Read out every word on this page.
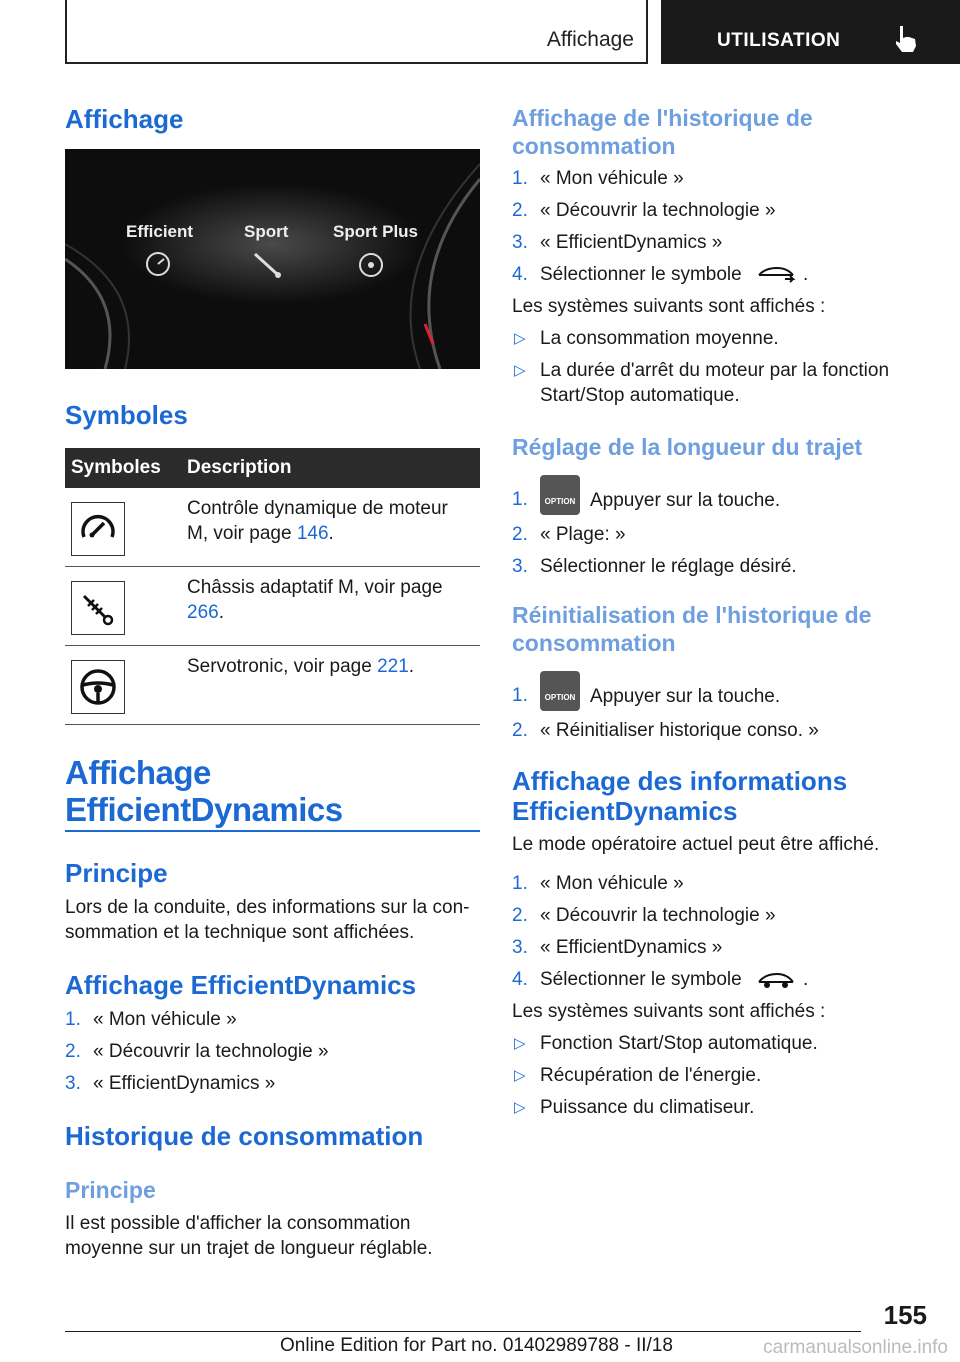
Affichage	UTILISATION
Affichage
Efficient	Sport	Sport Plus
Symboles
Symboles	Description

	Contrôle dynamique de moteur M, voir page 146.

	Châssis adaptatif M, voir page 266.

	Servotronic, voir page 221.
Affichage
EfficientDynamics
Principe

Lors de la conduite, des informations sur la con-sommation et la technique sont affichées.

Affichage EfficientDynamics
1. « Mon véhicule »
2. « Découvrir la technologie »
3. « EfficientDynamics »
Historique de consommation
Principe

Il est possible d'afficher la consommation moyenne sur un trajet de longueur réglable.

Affichage de l'historique de consommation
1. « Mon véhicule »
2. « Découvrir la technologie »
3. « EfficientDynamics »
4. Sélectionner le symbole	.

Les systèmes suivants sont affichés :

▷ La consommation moyenne.
▷ La durée d'arrêt du moteur par la fonction Start/Stop automatique.
Réglage de la longueur du trajet
1.	OPTION Appuyer sur la touche.
2. « Plage: »
3. Sélectionner le réglage désiré.
Réinitialisation de l'historique de consommation
1.	OPTION Appuyer sur la touche.
2. « Réinitialiser historique conso. »
Affichage des informations EfficientDynamics

Le mode opératoire actuel peut être affiché.

1. « Mon véhicule »
2. « Découvrir la technologie »
3. « EfficientDynamics »
4. Sélectionner le symbole	.

Les systèmes suivants sont affichés :

▷ Fonction Start/Stop automatique.
▷ Récupération de l'énergie.
▷ Puissance du climatiseur.
155
Online Edition for Part no. 01402989788 - II/18	carmanualsonline.info
